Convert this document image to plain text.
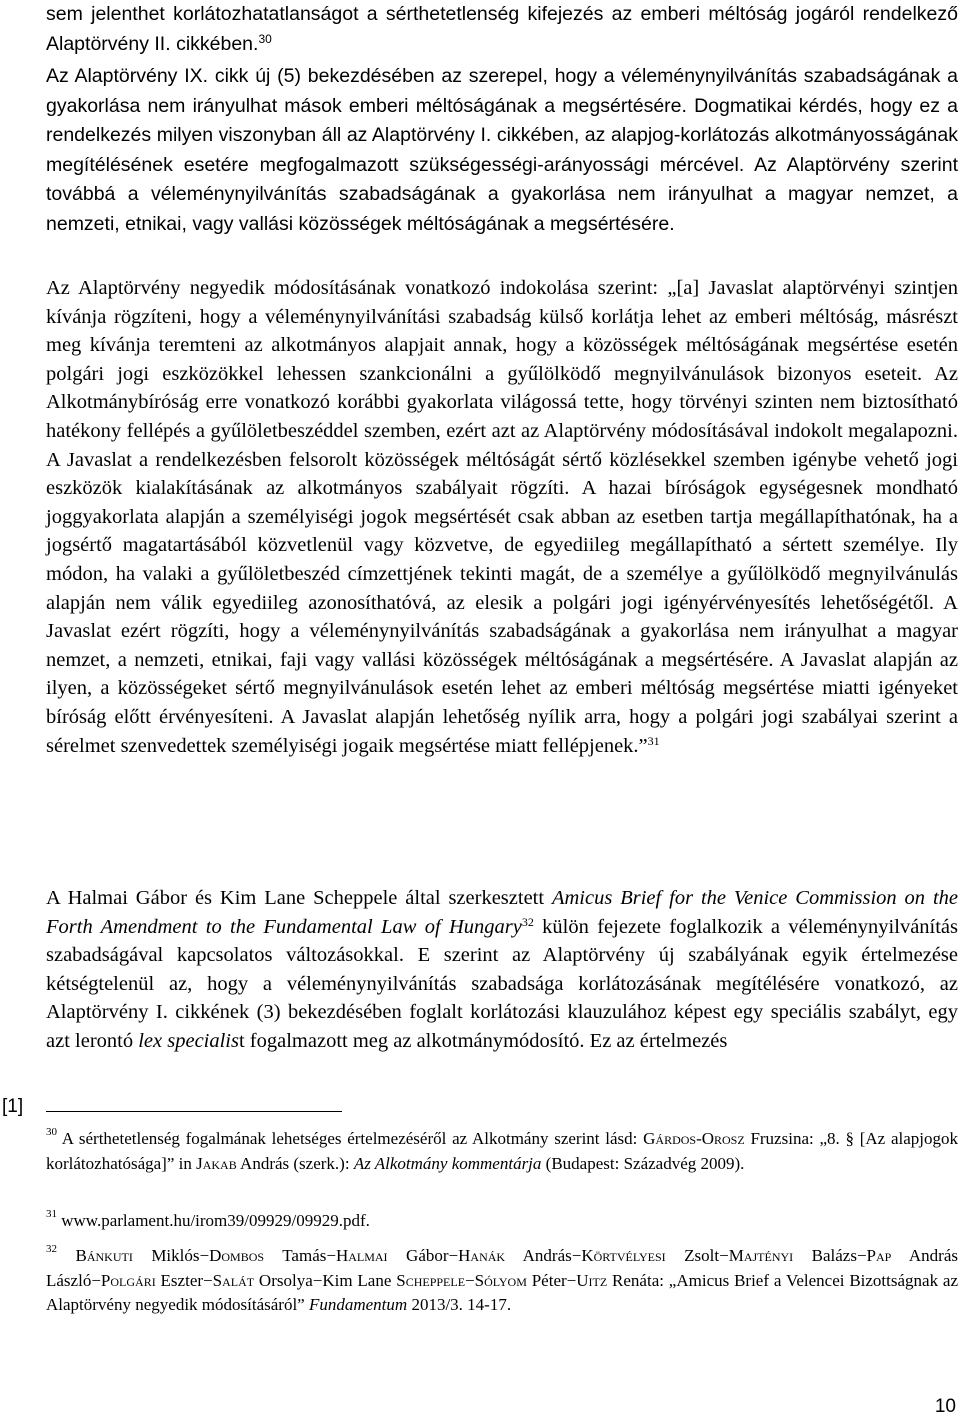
sem jelenthet korlátozhatatlanságot a sérthetetlenség kifejezés az emberi méltóság jogáról rendelkező Alaptörvény II. cikkében.$^{30}$

Az Alaptörvény IX. cikk új (5) bekezdésében az szerepel, hogy a véleménynyilvánítás szabadságának a gyakorlása nem irányulhat mások emberi méltóságának a megsértésére. Dogmatikai kérdés, hogy ez a rendelkezés milyen viszonyban áll az Alaptörvény I. cikkében, az alapjog-korlátozás alkotmányosságának megítélésének esetére megfogalmazott szükségességi-arányossági mércével. Az Alaptörvény szerint továbbá a véleménynyilvánítás szabadságának a gyakorlása nem irányulhat a magyar nemzet, a nemzeti, etnikai, vagy vallási közösségek méltóságának a megsértésére.

Az Alaptörvény negyedik módosításának vonatkozó indokolása szerint: „[a] Javaslat alaptörvényi szintjen kívánja rögzíteni, hogy a véleménynyilvánítási szabadság külső korlátja lehet az emberi méltóság, másrészt meg kívánja teremteni az alkotmányos alapjait annak, hogy a közösségek méltóságának megsértése esetén polgári jogi eszközökkel lehessen szankcionálni a gyűlölködő megnyilvánulások bizonyos eseteit. Az Alkotmánybíróság erre vonatkozó korábbi gyakorlata világossá tette, hogy törvényi szinten nem biztosítható hatékony fellépés a gyűlöletbeszéddel szemben, ezért azt az Alaptörvény módosításával indokolt megalapozni. A Javaslat a rendelkezésben felsorolt közösségek méltóságát sértő közlésekkel szemben igénybe vehető jogi eszközök kialakításának az alkotmányos szabályait rögzíti. A hazai bíróságok egységesnek mondható joggyakorlata alapján a személyiségi jogok megsértését csak abban az esetben tartja megállapíthatónak, ha a jogsértő magatartásából közvetlenül vagy közvetve, de egyediileg megállapítható a sértett személye. Ily módon, ha valaki a gyűlöletbeszéd címzettjének tekinti magát, de a személye a gyűlölködő megnyilvánulás alapján nem válik egyediileg azonosíthatóvá, az elesik a polgári jogi igényérvényesítés lehetőségétől. A Javaslat ezért rögzíti, hogy a véleménynyilvánítás szabadságának a gyakorlása nem irányulhat a magyar nemzet, a nemzeti, etnikai, faji vagy vallási közösségek méltóságának a megsértésére. A Javaslat alapján az ilyen, a közösségeket sértő megnyilvánulások esetén lehet az emberi méltóság megsértése miatti igényeket bíróság előtt érvényesíteni. A Javaslat alapján lehetőség nyílik arra, hogy a polgári jogi szabályai szerint a sérelmet szenvedettek személyiségi jogaik megsértése miatt fellépjenek.”$^{31}$

A Halmai Gábor és Kim Lane Scheppele által szerkesztett Amicus Brief for the Venice Commission on the Forth Amendment to the Fundamental Law of Hungary$^{32}$ külön fejezete foglalkozik a véleménynyilvánítás szabadságával kapcsolatos változásokkal. E szerint az Alaptörvény új szabályának egyik értelmezése kétségtelenül az, hogy a véleménynyilvánítás szabadsága korlátozásának megítélésére vonatkozó, az Alaptörvény I. cikkének (3) bekezdésében foglalt korlátozási klauzulához képest egy speciális szabályt, egy azt lerontó lex specialist fogalmazott meg az alkotmánymódosító. Ez az értelmezés

[1]

$^{30}$ A sérthetetlenség fogalmának lehetséges értelmezéséről az Alkotmány szerint lásd: Gárdos-Orosz Fruzsina: „8. § [Az alapjogok korlátozhatósága]” in Jakab András (szerk.): Az Alkotmány kommentárja (Budapest: Századvég 2009).

$^{31}$ www.parlament.hu/irom39/09929/09929.pdf.

$^{32}$ Bánkuti Miklós−Dombos Tamás−Halmai Gábor−Hanák András−Körtvélyesi Zsolt−Majtényi Balázs−Pap András László−Polgári Eszter−Salát Orsolya−Kim Lane Scheppele−Sólyom Péter−Uitz Renáta: „Amicus Brief a Velencei Bizottságnak az Alaptörvény negyedik módosításáról” Fundamentum 2013/3. 14-17.

10
